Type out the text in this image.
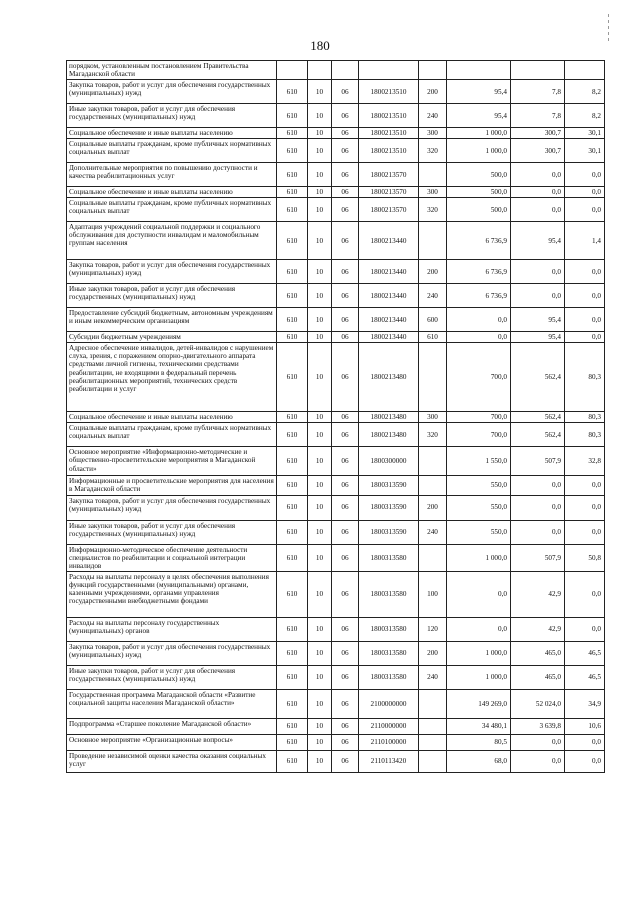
180
порядком, установленным постановлением Правительства Магаданской области								
Закупка товаров, работ и услуг для обеспечения государственных (муниципальных) нужд	610	10	06	1800213510	200	95,4	7,8	8,2
Иные закупки товаров, работ и услуг для обеспечения государственных (муниципальных) нужд	610	10	06	1800213510	240	95,4	7,8	8,2
Социальное обеспечение и иные выплаты населению	610	10	06	1800213510	300	1 000,0	300,7	30,1
Социальные выплаты гражданам, кроме публичных нормативных социальных выплат	610	10	06	1800213510	320	1 000,0	300,7	30,1
Дополнительные мероприятия по повышению доступности и качества реабилитационных услуг	610	10	06	1800213570		500,0	0,0	0,0
Социальное обеспечение и иные выплаты населению	610	10	06	1800213570	300	500,0	0,0	0,0
Социальные выплаты гражданам, кроме публичных нормативных социальных выплат	610	10	06	1800213570	320	500,0	0,0	0,0
Адаптация учреждений социальной поддержки и социального обслуживания для доступности инвалидам и маломобильным группам населения	610	10	06	1800213440		6 736,9	95,4	1,4
Закупка товаров, работ и услуг для обеспечения государственных (муниципальных) нужд	610	10	06	1800213440	200	6 736,9	0,0	0,0
Иные закупки товаров, работ и услуг для обеспечения государственных (муниципальных) нужд	610	10	06	1800213440	240	6 736,9	0,0	0,0
Предоставление субсидий бюджетным, автономным учреждениям и иным некоммерческим организациям	610	10	06	1800213440	600	0,0	95,4	0,0
Субсидии бюджетным учреждениям	610	10	06	1800213440	610	0,0	95,4	0,0
Адресное обеспечение инвалидов, детей-инвалидов с нарушением слуха, зрения, с поражением опорно-двигательного аппарата средствами личной гигиены, техническими средствами реабилитации, не входящими в федеральный перечень реабилитационных мероприятий, технических средств реабилитации и услуг	610	10	06	1800213480		700,0	562,4	80,3
Социальное обеспечение и иные выплаты населению	610	10	06	1800213480	300	700,0	562,4	80,3
Социальные выплаты гражданам, кроме публичных нормативных социальных выплат	610	10	06	1800213480	320	700,0	562,4	80,3
Основное мероприятие «Информационно-методические и общественно-просветительские мероприятия в Магаданской области»	610	10	06	1800300000		1 550,0	507,9	32,8
Информационные и просветительские мероприятия для населения в Магаданской области	610	10	06	1800313590		550,0	0,0	0,0
Закупка товаров, работ и услуг для обеспечения государственных (муниципальных) нужд	610	10	06	1800313590	200	550,0	0,0	0,0
Иные закупки товаров, работ и услуг для обеспечения государственных (муниципальных) нужд	610	10	06	1800313590	240	550,0	0,0	0,0
Информационно-методическое обеспечение деятельности специалистов по реабилитации и социальной интеграции инвалидов	610	10	06	1800313580		1 000,0	507,9	50,8
Расходы на выплаты персоналу в целях обеспечения выполнения функций государственными (муниципальными) органами, казенными учреждениями, органами управления государственными внебюджетными фондами	610	10	06	1800313580	100	0,0	42,9	0,0
Расходы на выплаты персоналу государственных (муниципальных) органов	610	10	06	1800313580	120	0,0	42,9	0,0
Закупка товаров, работ и услуг для обеспечения государственных (муниципальных) нужд	610	10	06	1800313580	200	1 000,0	465,0	46,5
Иные закупки товаров, работ и услуг для обеспечения государственных (муниципальных) нужд	610	10	06	1800313580	240	1 000,0	465,0	46,5
Государственная программа Магаданской области «Развитие социальной защиты населения Магаданской области»	610	10	06	2100000000		149 269,0	52 024,0	34,9
Подпрограмма «Старшее поколение Магаданской области»	610	10	06	2110000000		34 480,1	3 639,8	10,6
Основное мероприятие «Организационные вопросы»	610	10	06	2110100000		80,5	0,0	0,0
Проведение независимой оценки качества оказания социальных услуг	610	10	06	2110113420		68,0	0,0	0,0
